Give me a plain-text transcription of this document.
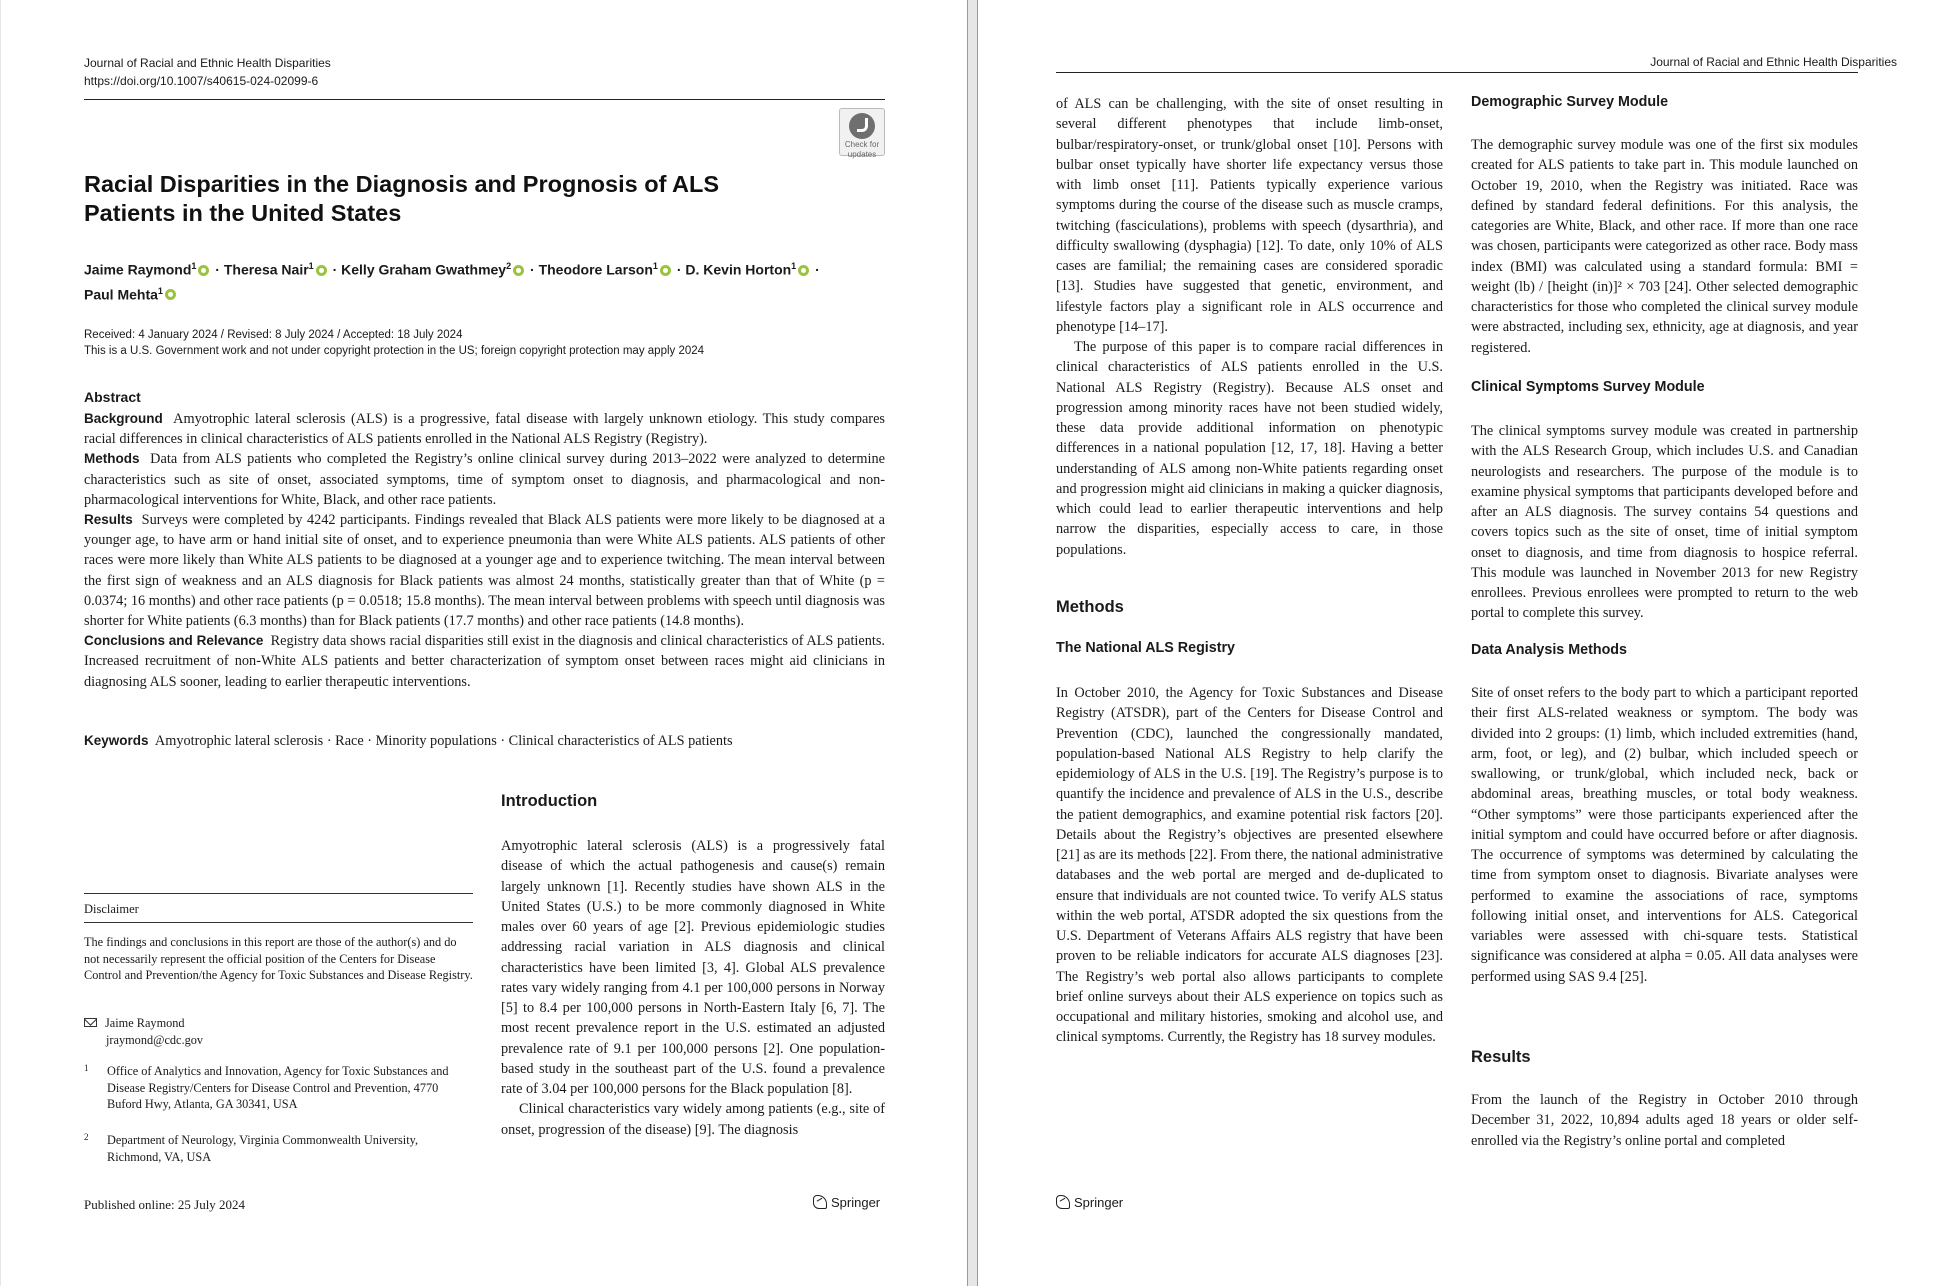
Journal of Racial and Ethnic Health Disparities
https://doi.org/10.1007/s40615-024-02099-6
Check for
updates
Racial Disparities in the Diagnosis and Prognosis of ALS Patients in the United States
Jaime Raymond$^1$ · Theresa Nair$^1$ · Kelly Graham Gwathmey$^2$ · Theodore Larson$^1$ · D. Kevin Horton$^1$ ·
Paul Mehta$^1$
Received: 4 January 2024 / Revised: 8 July 2024 / Accepted: 18 July 2024
This is a U.S. Government work and not under copyright protection in the US; foreign copyright protection may apply 2024
Abstract

Background Amyotrophic lateral sclerosis (ALS) is a progressive, fatal disease with largely unknown etiology. This study compares racial differences in clinical characteristics of ALS patients enrolled in the National ALS Registry (Registry).

Methods Data from ALS patients who completed the Registry’s online clinical survey during 2013–2022 were analyzed to determine characteristics such as site of onset, associated symptoms, time of symptom onset to diagnosis, and pharmacological and non-pharmacological interventions for White, Black, and other race patients.

Results Surveys were completed by 4242 participants. Findings revealed that Black ALS patients were more likely to be diagnosed at a younger age, to have arm or hand initial site of onset, and to experience pneumonia than were White ALS patients. ALS patients of other races were more likely than White ALS patients to be diagnosed at a younger age and to experience twitching. The mean interval between the first sign of weakness and an ALS diagnosis for Black patients was almost 24 months, statistically greater than that of White (p = 0.0374; 16 months) and other race patients (p = 0.0518; 15.8 months). The mean interval between problems with speech until diagnosis was shorter for White patients (6.3 months) than for Black patients (17.7 months) and other race patients (14.8 months).

Conclusions and Relevance Registry data shows racial disparities still exist in the diagnosis and clinical characteristics of ALS patients. Increased recruitment of non-White ALS patients and better characterization of symptom onset between races might aid clinicians in diagnosing ALS sooner, leading to earlier therapeutic interventions.

Keywords Amyotrophic lateral sclerosis · Race · Minority populations · Clinical characteristics of ALS patients
Introduction

Amyotrophic lateral sclerosis (ALS) is a progressively fatal disease of which the actual pathogenesis and cause(s) remain largely unknown [1]. Recently studies have shown ALS in the United States (U.S.) to be more commonly diagnosed in White males over 60 years of age [2]. Previous epidemiologic studies addressing racial variation in ALS diagnosis and clinical characteristics have been limited [3, 4]. Global ALS prevalence rates vary widely ranging from 4.1 per 100,000 persons in Norway [5] to 8.4 per 100,000 persons in North-Eastern Italy [6, 7]. The most recent prevalence report in the U.S. estimated an adjusted prevalence rate of 9.1 per 100,000 persons [2]. One population-based study in the southeast part of the U.S. found a prevalence rate of 3.04 per 100,000 persons for the Black population [8].

Clinical characteristics vary widely among patients (e.g., site of onset, progression of the disease) [9]. The diagnosis

Disclaimer
The findings and conclusions in this report are those of the author(s) and do not necessarily represent the official position of the Centers for Disease Control and Prevention/the Agency for Toxic Substances and Disease Registry.
Jaime Raymond
jraymond@cdc.gov
1 Office of Analytics and Innovation, Agency for Toxic Substances and Disease Registry/Centers for Disease Control and Prevention, 4770 Buford Hwy, Atlanta, GA 30341, USA
2 Department of Neurology, Virginia Commonwealth University, Richmond, VA, USA
Published online: 25 July 2024	Springer
Journal of Racial and Ethnic Health Disparities

of ALS can be challenging, with the site of onset resulting in several different phenotypes that include limb-onset, bulbar/respiratory-onset, or trunk/global onset [10]. Persons with bulbar onset typically have shorter life expectancy versus those with limb onset [11]. Patients typically experience various symptoms during the course of the disease such as muscle cramps, twitching (fasciculations), problems with speech (dysarthria), and difficulty swallowing (dysphagia) [12]. To date, only 10% of ALS cases are familial; the remaining cases are considered sporadic [13]. Studies have suggested that genetic, environment, and lifestyle factors play a significant role in ALS occurrence and phenotype [14–17].

The purpose of this paper is to compare racial differences in clinical characteristics of ALS patients enrolled in the U.S. National ALS Registry (Registry). Because ALS onset and progression among minority races have not been studied widely, these data provide additional information on phenotypic differences in a national population [12, 17, 18]. Having a better understanding of ALS among non-White patients regarding onset and progression might aid clinicians in making a quicker diagnosis, which could lead to earlier therapeutic interventions and help narrow the disparities, especially access to care, in those populations.

Methods
The National ALS Registry

In October 2010, the Agency for Toxic Substances and Disease Registry (ATSDR), part of the Centers for Disease Control and Prevention (CDC), launched the congressionally mandated, population-based National ALS Registry to help clarify the epidemiology of ALS in the U.S. [19]. The Registry’s purpose is to quantify the incidence and prevalence of ALS in the U.S., describe the patient demographics, and examine potential risk factors [20]. Details about the Registry’s objectives are presented elsewhere [21] as are its methods [22]. From there, the national administrative databases and the web portal are merged and de-duplicated to ensure that individuals are not counted twice. To verify ALS status within the web portal, ATSDR adopted the six questions from the U.S. Department of Veterans Affairs ALS registry that have been proven to be reliable indicators for accurate ALS diagnoses [23]. The Registry’s web portal also allows participants to complete brief online surveys about their ALS experience on topics such as occupational and military histories, smoking and alcohol use, and clinical symptoms. Currently, the Registry has 18 survey modules.

Demographic Survey Module

The demographic survey module was one of the first six modules created for ALS patients to take part in. This module launched on October 19, 2010, when the Registry was initiated. Race was defined by standard federal definitions. For this analysis, the categories are White, Black, and other race. If more than one race was chosen, participants were categorized as other race. Body mass index (BMI) was calculated using a standard formula: BMI = weight (lb) / [height (in)]² × 703 [24]. Other selected demographic characteristics for those who completed the clinical survey module were abstracted, including sex, ethnicity, age at diagnosis, and year registered.

Clinical Symptoms Survey Module

The clinical symptoms survey module was created in partnership with the ALS Research Group, which includes U.S. and Canadian neurologists and researchers. The purpose of the module is to examine physical symptoms that participants developed before and after an ALS diagnosis. The survey contains 54 questions and covers topics such as the site of onset, time of initial symptom onset to diagnosis, and time from diagnosis to hospice referral. This module was launched in November 2013 for new Registry enrollees. Previous enrollees were prompted to return to the web portal to complete this survey.

Data Analysis Methods

Site of onset refers to the body part to which a participant reported their first ALS-related weakness or symptom. The body was divided into 2 groups: (1) limb, which included extremities (hand, arm, foot, or leg), and (2) bulbar, which included speech or swallowing, or trunk/global, which included neck, back or abdominal areas, breathing muscles, or total body weakness. “Other symptoms” were those participants experienced after the initial symptom and could have occurred before or after diagnosis. The occurrence of symptoms was determined by calculating the time from symptom onset to diagnosis. Bivariate analyses were performed to examine the associations of race, symptoms following initial onset, and interventions for ALS. Categorical variables were assessed with chi-square tests. Statistical significance was considered at alpha = 0.05. All data analyses were performed using SAS 9.4 [25].

Results

From the launch of the Registry in October 2010 through December 31, 2022, 10,894 adults aged 18 years or older self-enrolled via the Registry’s online portal and completed

Springer
